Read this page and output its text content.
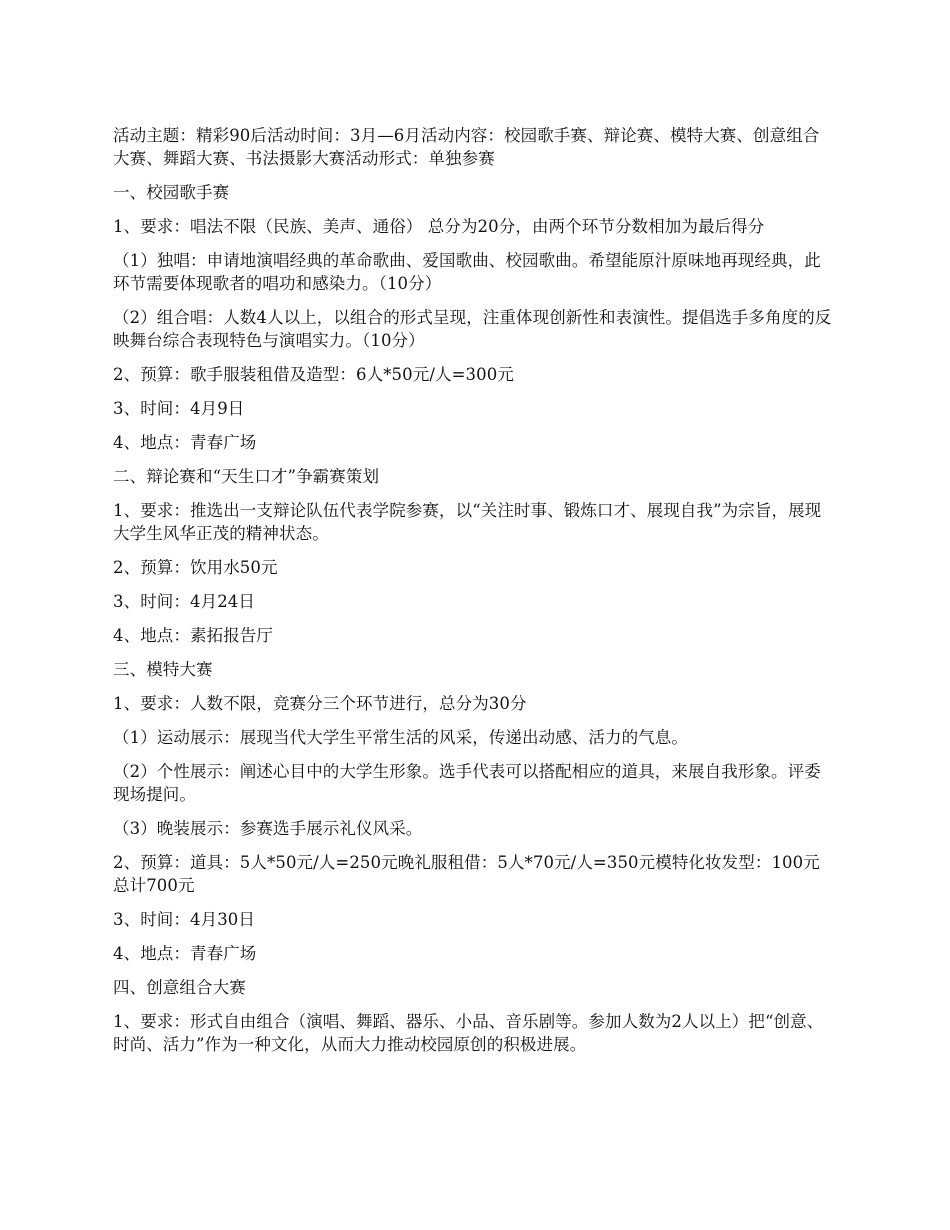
活动主题：精彩90后活动时间：3月—6月活动内容：校园歌手赛、辩论赛、模特大赛、创意组合大赛、舞蹈大赛、书法摄影大赛活动形式：单独参赛

一、校园歌手赛

1、要求：唱法不限（民族、美声、通俗） 总分为20分，由两个环节分数相加为最后得分

（1）独唱：申请地演唱经典的革命歌曲、爱国歌曲、校园歌曲。希望能原汁原味地再现经典，此环节需要体现歌者的唱功和感染力。（10分）

（2）组合唱：人数4人以上，以组合的形式呈现，注重体现创新性和表演性。提倡选手多角度的反映舞台综合表现特色与演唱实力。（10分）

2、预算：歌手服装租借及造型：6人*50元/人=300元

3、时间：4月9日

4、地点：青春广场

二、辩论赛和“天生口才”争霸赛策划

1、要求：推选出一支辩论队伍代表学院参赛，以“关注时事、锻炼口才、展现自我”为宗旨，展现大学生风华正茂的精神状态。

2、预算：饮用水50元

3、时间：4月24日

4、地点：素拓报告厅

三、模特大赛

1、要求：人数不限，竞赛分三个环节进行，总分为30分

（1）运动展示：展现当代大学生平常生活的风采，传递出动感、活力的气息。

（2）个性展示：阐述心目中的大学生形象。选手代表可以搭配相应的道具，来展自我形象。评委现场提问。

（3）晚装展示：参赛选手展示礼仪风采。

2、预算：道具：5人*50元/人=250元晚礼服租借：5人*70元/人=350元模特化妆发型：100元总计700元

3、时间：4月30日

4、地点：青春广场

四、创意组合大赛

1、要求：形式自由组合（演唱、舞蹈、器乐、小品、音乐剧等。参加人数为2人以上）把“创意、时尚、活力”作为一种文化，从而大力推动校园原创的积极进展。
